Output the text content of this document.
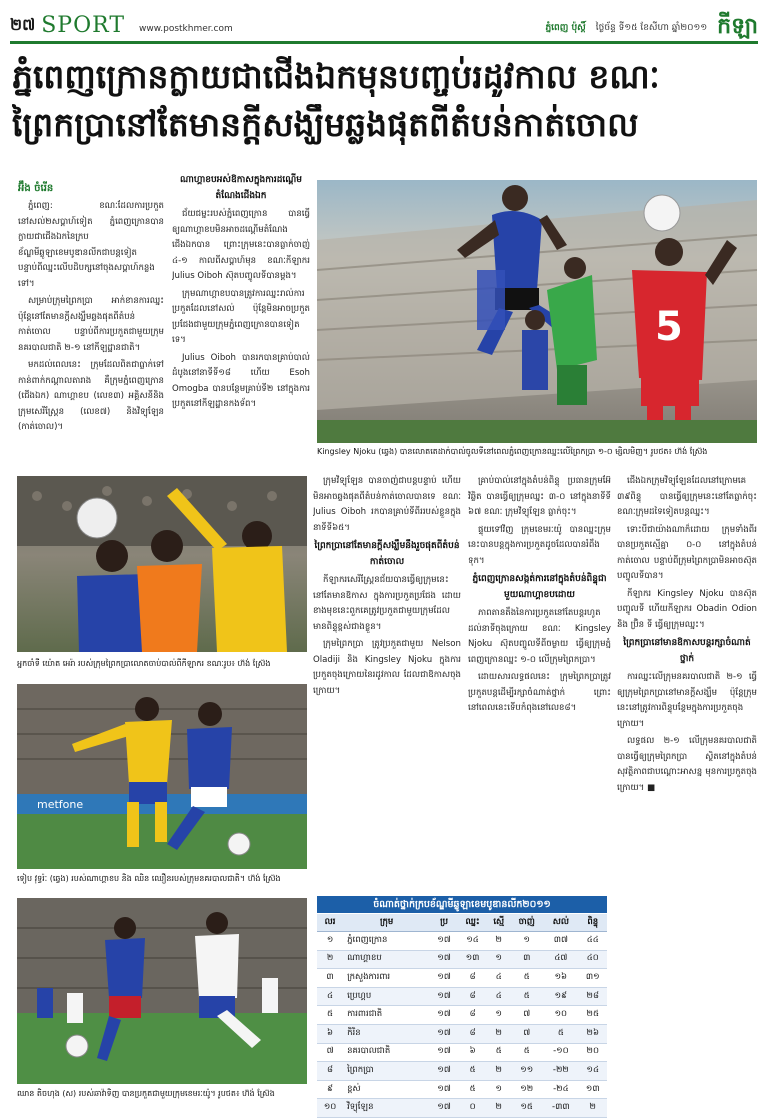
២៧ SPORT www.postkhmer.com	ភ្នំពេញ ប៉ុស្តិ៍ ថ្ងៃច័ន្ទ ទី១៥ ខែសីហា ឆ្នាំ២០១១ កីឡា
ភ្នំពេញក្រោនក្លាយជាជើងឯកមុនបញ្ចប់រដូវកាល ខណៈ
ព្រៃកប្រានៅតែមានក្តីសង្ឃឹមឆ្លងផុតពីតំបន់កាត់ចោល
អ៊ឹង ចំរើន

ភ្នំពេញ: ខណៈដែលការប្រកួតនៅសល់២សប្តាហ៍ទៀត ភ្នំពេញក្រោនបានក្លាយជាជើងឯកនៃក្របខ័ណ្ឌមីឆ្លូឡាខេមបូឌានលីកជាបន្តទៀត បន្ទាប់ពីឈ្នះលើបដិបក្សនៅចុងសប្តាហ៍កន្លងទៅ។

សម្រាប់ក្រុមព្រៃកប្រា អាក់ខានការឈ្នះ ប៉ុន្តែនៅតែមានក្តីសង្ឃឹមឆ្លងផុតពីតំបន់កាត់ចោល បន្ទាប់ពីការប្រកួតជាមួយក្រុមនគរបាលជាតិ ២-១ នៅកីឡដ្ឋានជាតិ។

មកដល់ពេលនេះ ក្រុមដែលពិតជាធ្លាក់ទៅកាន់ពាក់កណ្ដាលតារាង គឺក្រុមភ្នំពេញក្រោន (ជើងឯក) ណាហ្គាខប (លេខ៣) អគ្គិសនីនិងក្រុមសេរីស្រ្តែន (លេខ៧) និងវិទ្យុឡែន (កាត់ចោល)។

ណាហ្គាខបអស់ឱកាសក្នុងការដណ្តើមតំណែងជើងឯក

ជ័យជម្នះរបស់ភ្នំពេញក្រោន បានធ្វើឲ្យណាហ្គាខបមិនអាចដណ្តើមតំណែងជើងឯកបាន ព្រោះក្រុមនេះបានធ្លាក់ចាញ់ ៤-១ កាលពីសប្តាហ៍មុន ខណៈកីឡាករ Julius Oiboh ស៊ុតបញ្ចូលទីបានម្តង។

ក្រុមណាហ្គាខបបានត្រូវការឈ្នះរាល់ការប្រកួតដែលនៅសល់ ប៉ុន្តែមិនអាចប្រកួតប្រជែងជាមួយក្រុមភ្នំពេញក្រោនបានទៀតទេ។

Julius Oiboh បានរកបានគ្រាប់បាល់ដំបូងនៅនាទីទី១៨ ហើយ Esoh Omogba បានបន្ថែមគ្រាប់ទី២ នៅក្នុងការប្រកួតនៅកីឡដ្ឋានកងទ័ព។

ក្រុមវិទ្យុឡែន បានចាញ់ជាបន្តបន្ទាប់ ហើយមិនអាចឆ្លងផុតពីតំបន់កាត់ចោលបានទេ ខណៈ Julius Oiboh រកបានគ្រាប់ទីពីររបស់ខ្លួនក្នុងនាទីទី៦៥។

ព្រៃកប្រានៅតែមានក្តីសង្ឃឹមនឹងរួចផុតពីតំបន់កាត់ចោល

កីឡាករសេរីស្រ្តែនជ័យបានធ្វើឲ្យក្រុមនេះនៅតែមានឱកាស ក្នុងការប្រកួតប្រជែង ដោយខាងមុខនេះពួកគេត្រូវប្រកួតជាមួយក្រុមដែលមានពិន្ទុខ្ពស់ជាងខ្លួន។

ក្រុមព្រៃកប្រា ត្រូវប្រកួតជាមួយ Nelson Oladiji និង Kingsley Njoku ក្នុងការប្រកួតចុងក្រោយនៃរដូវកាល ដែលជាឱកាសចុងក្រោយ។

គ្រាប់បាល់នៅក្នុងតំបន់ពិន្ទុ ប្រធានក្រុមអ៊ែ វិឆ្លិត បានធ្វើឲ្យក្រុមឈ្នះ ៣-០ នៅក្នុងនាទីទី ៦៧ ខណៈ ក្រុមវិទ្យុឡែន ធ្លាក់ចុះ។

ផ្ទុយទៅវិញ ក្រុមខេមរៈយ៉ូ បានឈ្នះក្រុមនេះបានបន្តក្នុងការប្រកួតដូចដែលបានរំពឹងទុក។

ភ្នំពេញក្រោនសង្កត់ការនៅក្នុងតំបន់ពិន្ទុជាមួយណាហ្គាខបដោយ

ភាពតានតឹងនៃការប្រកួតនៅតែបន្តរហូតដល់នាទីចុងក្រោយ ខណៈ Kingsley Njoku ស៊ុតបញ្ចូលទីពីចម្ងាយ ធ្វើឲ្យក្រុមភ្នំពេញក្រោនឈ្នះ ១-០ លើក្រុមព្រៃកប្រា។

ដោយសារលទ្ធផលនេះ ក្រុមព្រៃកប្រាត្រូវប្រកួតបន្តដើម្បីរក្សាចំណាត់ថ្នាក់ ព្រោះនៅពេលនេះទើបកំពុងនៅលេខ៨។

ជើងឯកក្រុមវិទ្យុឡែនដែលនៅក្រោមគេ ៣៩ពិន្ទុ បានធ្វើឲ្យក្រុមនេះនៅតែធ្លាក់ចុះ ខណៈក្រុមដទៃទៀតបន្តឈ្នះ។

ទោះបីជាយ៉ាងណាក៏ដោយ ក្រុមទាំងពីរបានប្រកួតស្មើគ្នា ០-០ នៅក្នុងតំបន់កាត់ចោល បន្ទាប់ពីក្រុមព្រៃកប្រាមិនអាចស៊ុតបញ្ចូលទីបាន។

កីឡាករ Kingsley Njoku បានស៊ុតបញ្ចូលទី ហើយកីឡាករ Obadin Odion និង ប្រ៊ិន ទី ធ្វើឲ្យក្រុមឈ្នះ។

ព្រៃកប្រានៅមានឱកាសបន្តរក្សាចំណាត់ថ្នាក់

ការឈ្នះលើក្រុមនគរបាលជាតិ ២-១ ធ្វើឲ្យក្រុមព្រៃកប្រានៅមានក្តីសង្ឃឹម ប៉ុន្តែក្រុមនេះនៅត្រូវការពិន្ទុបន្ថែមក្នុងការប្រកួតចុងក្រោយ។

លទ្ធផល ២-១ លើក្រុមនគរបាលជាតិ បានធ្វើឲ្យក្រុមព្រៃកប្រា ស្ថិតនៅក្នុងតំបន់សុវត្ថិភាពជាបណ្តោះអាសន្ន មុនការប្រកួតចុងក្រោយ។ ■

5
Kingsley Njoku (ឆ្វេង) បានលោតតេដាក់បាល់ចូលទីនៅពេលភ្នំពេញក្រោនឈ្នះលើព្រៃកប្រា ១-០ ម្សិលមិញ។ រូបថត៖ ហ៊ង់ ស្រ៊ែង
អ្នកចាំទី យ៉ោត អេរ៉ា របស់ក្រុមព្រៃកប្រាលោតចាប់បាល់ពីកីឡាករ ខណៈរូប៖ ហ៊ង់ ស្រ៊ែង
metfone
ទៀប វុទ្ធរ៉ៈ (ឆ្វេង) របស់ណាហ្គាខប និង ឈិន ឈឿនរបស់ក្រុមនគរបាលជាតិ។ ហ៊ង់ ស្រ៊ែង
ឈាន តិចហុង (ស) របស់ឆាវ៉ាទិញ បានប្រកួតជាមួយក្រុមខេមរៈយ៉ូ។ រូបថត៖ ហ៊ង់ ស្រ៊ែង
ចំណាត់ថ្នាក់ក្របខ័ណ្ឌមីឆ្លូឡាខេមបូឌានលីក២០១១
លរ	ក្រុម	ប្រ	ឈ្នះ	ស្មើ	ចាញ់	សល់	ពិន្ទុ
១	ភ្នំពេញក្រោន	១៧	១៤	២	១	៣៧	៤៤
២	ណាហ្គាខប	១៧	១៣	១	៣	៤៧	៤០
៣	ក្រសួងការពារ	១៧	៨	៤	៥	១៦	៣១
៤	ប្រេហ្គប	១៧	៨	៤	៥	១៩	២៨
៥	ការពារជាតិ	១៧	៨	១	៧	១០	២៥
៦	កិរិន	១៧	៨	២	៧	៥	២៦
៧	នគរបាលជាតិ	១៧	៦	៥	៥	-១០	២០
៨	ព្រៃកប្រា	១៧	៥	២	១១	-២២	១៤
៩	ខ្ពស់	១៧	៥	១	១២	-២៤	១៣
១០	វិទ្យុឡែន	១៧	០	២	១៥	-៣៣	២
